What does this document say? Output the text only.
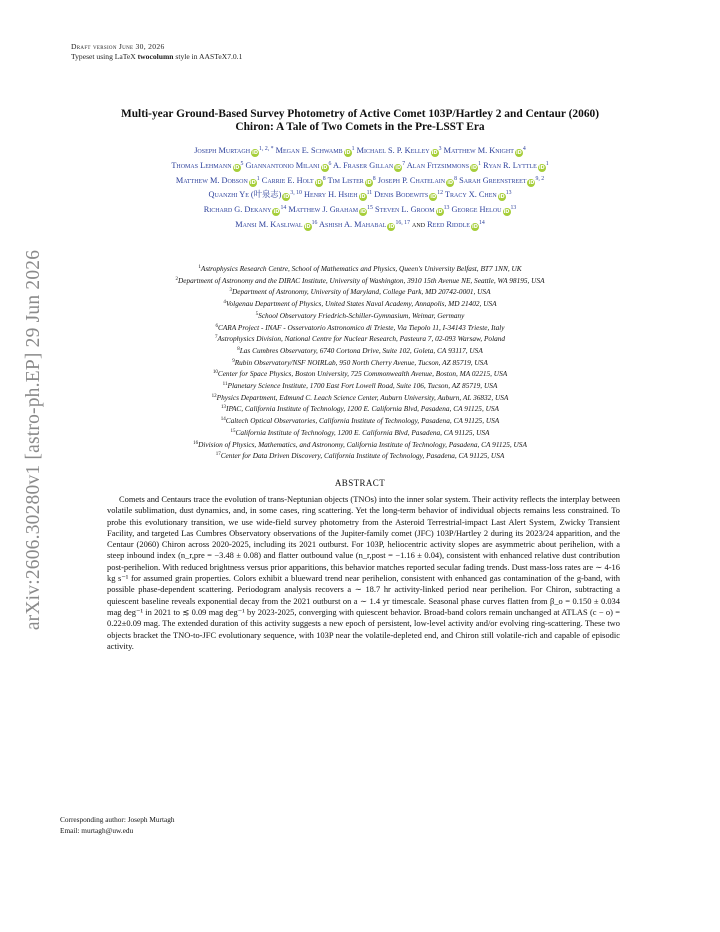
arXiv:2606.30280v1 [astro-ph.EP] 29 Jun 2026
Draft version June 30, 2026
Typeset using LaTeX twocolumn style in AASTeX7.0.1
Multi-year Ground-Based Survey Photometry of Active Comet 103P/Hartley 2 and Centaur (2060)
Chiron: A Tale of Two Comets in the Pre-LSST Era
Joseph Murtagh $iD^{1, 2, *}$ Megan E. Schwamb $iD^1$ Michael S. P. Kelley $iD^3$ Matthew M. Knight $iD^4$
Thomas Lehmann $iD^5$ Giannantonio Milani $iD^6$ A. Fraser Gillan $iD^7$ Alan Fitzsimmons $iD^1$ Ryan R. Lyttle $iD^1$
Matthew M. Dobson $iD^1$ Carrie E. Holt $iD^8$ Tim Lister $iD^8$ Joseph P. Chatelain $iD^8$ Sarah Greenstreet iD$^{9, 2}$
Quanzhi Ye (叶泉志) iD$^{3, 10}$ Henry H. Hsieh $iD^{11}$ Denis Bodewits $iD^{12}$ Tracy X. Chen $iD^{13}$
Richard G. Dekany $iD^{14}$ Matthew J. Graham $iD^{15}$ Steven L. Groom $iD^{13}$ George Helou $iD^{13}$
Mansi M. Kasliwal $iD^{16}$ Ashish A. Mahabal iD$^{16, 17}$ and Reed Riddle $iD^{14}$
$^1$Astrophysics Research Centre, School of Mathematics and Physics, Queen's University Belfast, BT7 1NN, UK
$^2$Department of Astronomy and the DIRAC Institute, University of Washington, 3910 15th Avenue NE, Seattle, WA 98195, USA
$^3$Department of Astronomy, University of Maryland, College Park, MD 20742-0001, USA
$^4$Volgenau Department of Physics, United States Naval Academy, Annapolis, MD 21402, USA
$^5$School Observatory Friedrich-Schiller-Gymnasium, Weimar, Germany
$^6$CARA Project - INAF - Osservatorio Astronomico di Trieste, Via Tiepolo 11, I-34143 Trieste, Italy
$^7$Astrophysics Division, National Centre for Nuclear Research, Pasteura 7, 02-093 Warsaw, Poland
$^8$Las Cumbres Observatory, 6740 Cortona Drive, Suite 102, Goleta, CA 93117, USA
$^9$Rubin Observatory/NSF NOIRLab, 950 North Cherry Avenue, Tucson, AZ 85719, USA
$^{10}$Center for Space Physics, Boston University, 725 Commonwealth Avenue, Boston, MA 02215, USA
$^{11}$Planetary Science Institute, 1700 East Fort Lowell Road, Suite 106, Tucson, AZ 85719, USA
$^{12}$Physics Department, Edmund C. Leach Science Center, Auburn University, Auburn, AL 36832, USA
$^{13}$IPAC, California Institute of Technology, 1200 E. California Blvd, Pasadena, CA 91125, USA
$^{14}$Caltech Optical Observatories, California Institute of Technology, Pasadena, CA 91125, USA
$^{15}$California Institute of Technology, 1200 E. California Blvd, Pasadena, CA 91125, USA
$^{16}$Division of Physics, Mathematics, and Astronomy, California Institute of Technology, Pasadena, CA 91125, USA
$^{17}$Center for Data Driven Discovery, California Institute of Technology, Pasadena, CA 91125, USA
ABSTRACT
Comets and Centaurs trace the evolution of trans-Neptunian objects (TNOs) into the inner solar system. Their activity reflects the interplay between volatile sublimation, dust dynamics, and, in some cases, ring scattering. Yet the long-term behavior of individual objects remains less constrained. To probe this evolutionary transition, we use wide-field survey photometry from the Asteroid Terrestrial-impact Last Alert System, Zwicky Transient Facility, and targeted Las Cumbres Observatory observations of the Jupiter-family comet (JFC) 103P/Hartley 2 during its 2023/24 apparition, and the Centaur (2060) Chiron across 2020-2025, including its 2021 outburst. For 103P, heliocentric activity slopes are asymmetric about perihelion, with a steep inbound index (n_r,pre = −3.48 ± 0.08) and flatter outbound value (n_r,post = −1.16 ± 0.04), consistent with enhanced relative dust contribution post-perihelion. With reduced brightness versus prior apparitions, this behavior matches reported secular fading trends. Dust mass-loss rates are ∼ 4-16 kg s⁻¹ for assumed grain properties. Colors exhibit a blueward trend near perihelion, consistent with enhanced gas contamination of the g-band, with possible phase-dependent scattering. Periodogram analysis recovers a ∼ 18.7 hr activity-linked period near perihelion. For Chiron, subtracting a quiescent baseline reveals exponential decay from the 2021 outburst on a ∼ 1.4 yr timescale. Seasonal phase curves flatten from β_o = 0.150 ± 0.034 mag deg⁻¹ in 2021 to ≲ 0.09 mag deg⁻¹ by 2023-2025, converging with quiescent behavior. Broad-band colors remain unchanged at ATLAS (c − o) = 0.22±0.09 mag. The extended duration of this activity suggests a new epoch of persistent, low-level activity and/or evolving ring-scattering. These two objects bracket the TNO-to-JFC evolutionary sequence, with 103P near the volatile-depleted end, and Chiron still volatile-rich and capable of episodic activity.
Corresponding author: Joseph Murtagh
Email: murtagh@uw.edu
